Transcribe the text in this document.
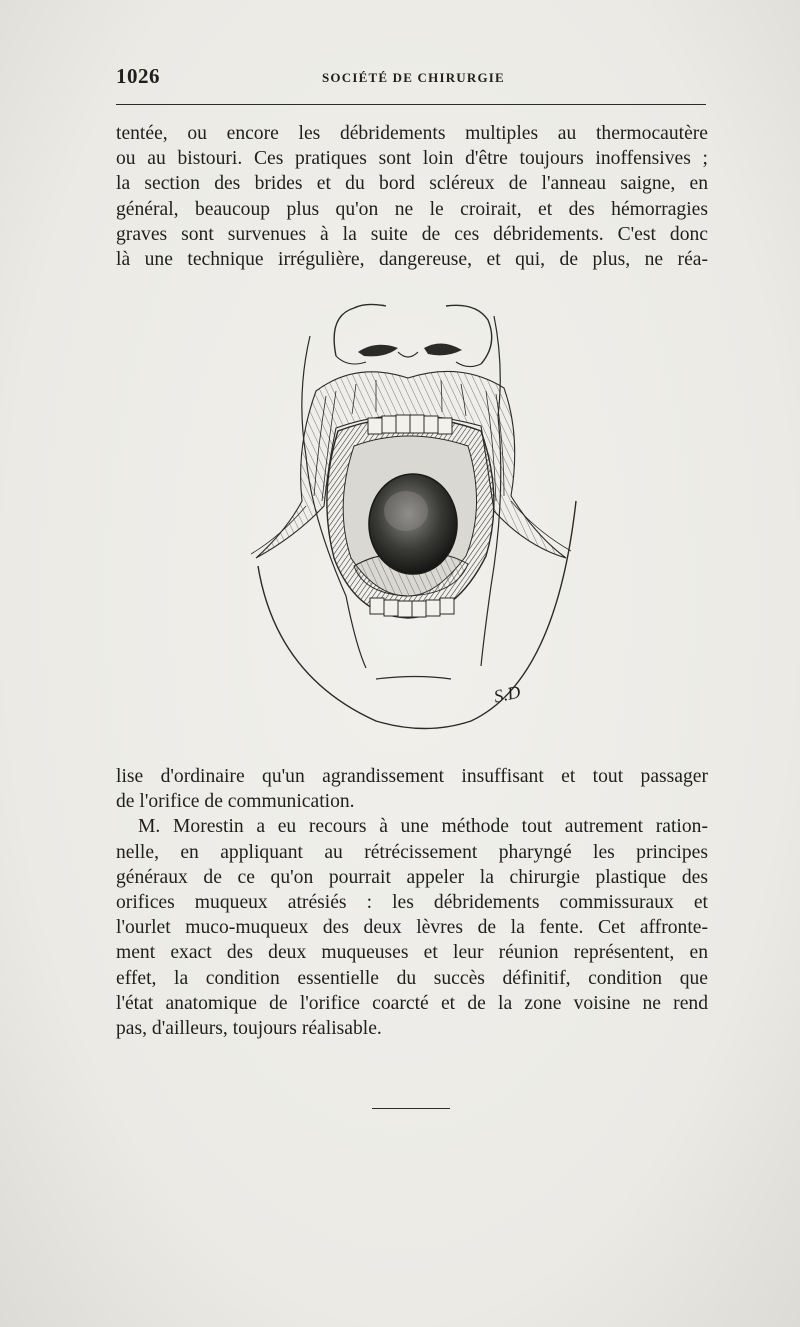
1026	SOCIÉTÉ DE CHIRURGIE
tentée, ou encore les débridements multiples au thermocautère
ou au bistouri. Ces pratiques sont loin d'être toujours inoffensives ;
la section des brides et du bord scléreux de l'anneau saigne, en
général, beaucoup plus qu'on ne le croirait, et des hémorragies
graves sont survenues à la suite de ces débridements. C'est donc
là une technique irrégulière, dangereuse, et qui, de plus, ne réa-
S.D
lise d'ordinaire qu'un agrandissement insuffisant et tout passager
de l'orifice de communication.
M. Morestin a eu recours à une méthode tout autrement ration-
nelle, en appliquant au rétrécissement pharyngé les principes
généraux de ce qu'on pourrait appeler la chirurgie plastique des
orifices muqueux atrésiés : les débridements commissuraux et
l'ourlet muco-muqueux des deux lèvres de la fente. Cet affronte-
ment exact des deux muqueuses et leur réunion représentent, en
effet, la condition essentielle du succès définitif, condition que
l'état anatomique de l'orifice coarcté et de la zone voisine ne rend
pas, d'ailleurs, toujours réalisable.
